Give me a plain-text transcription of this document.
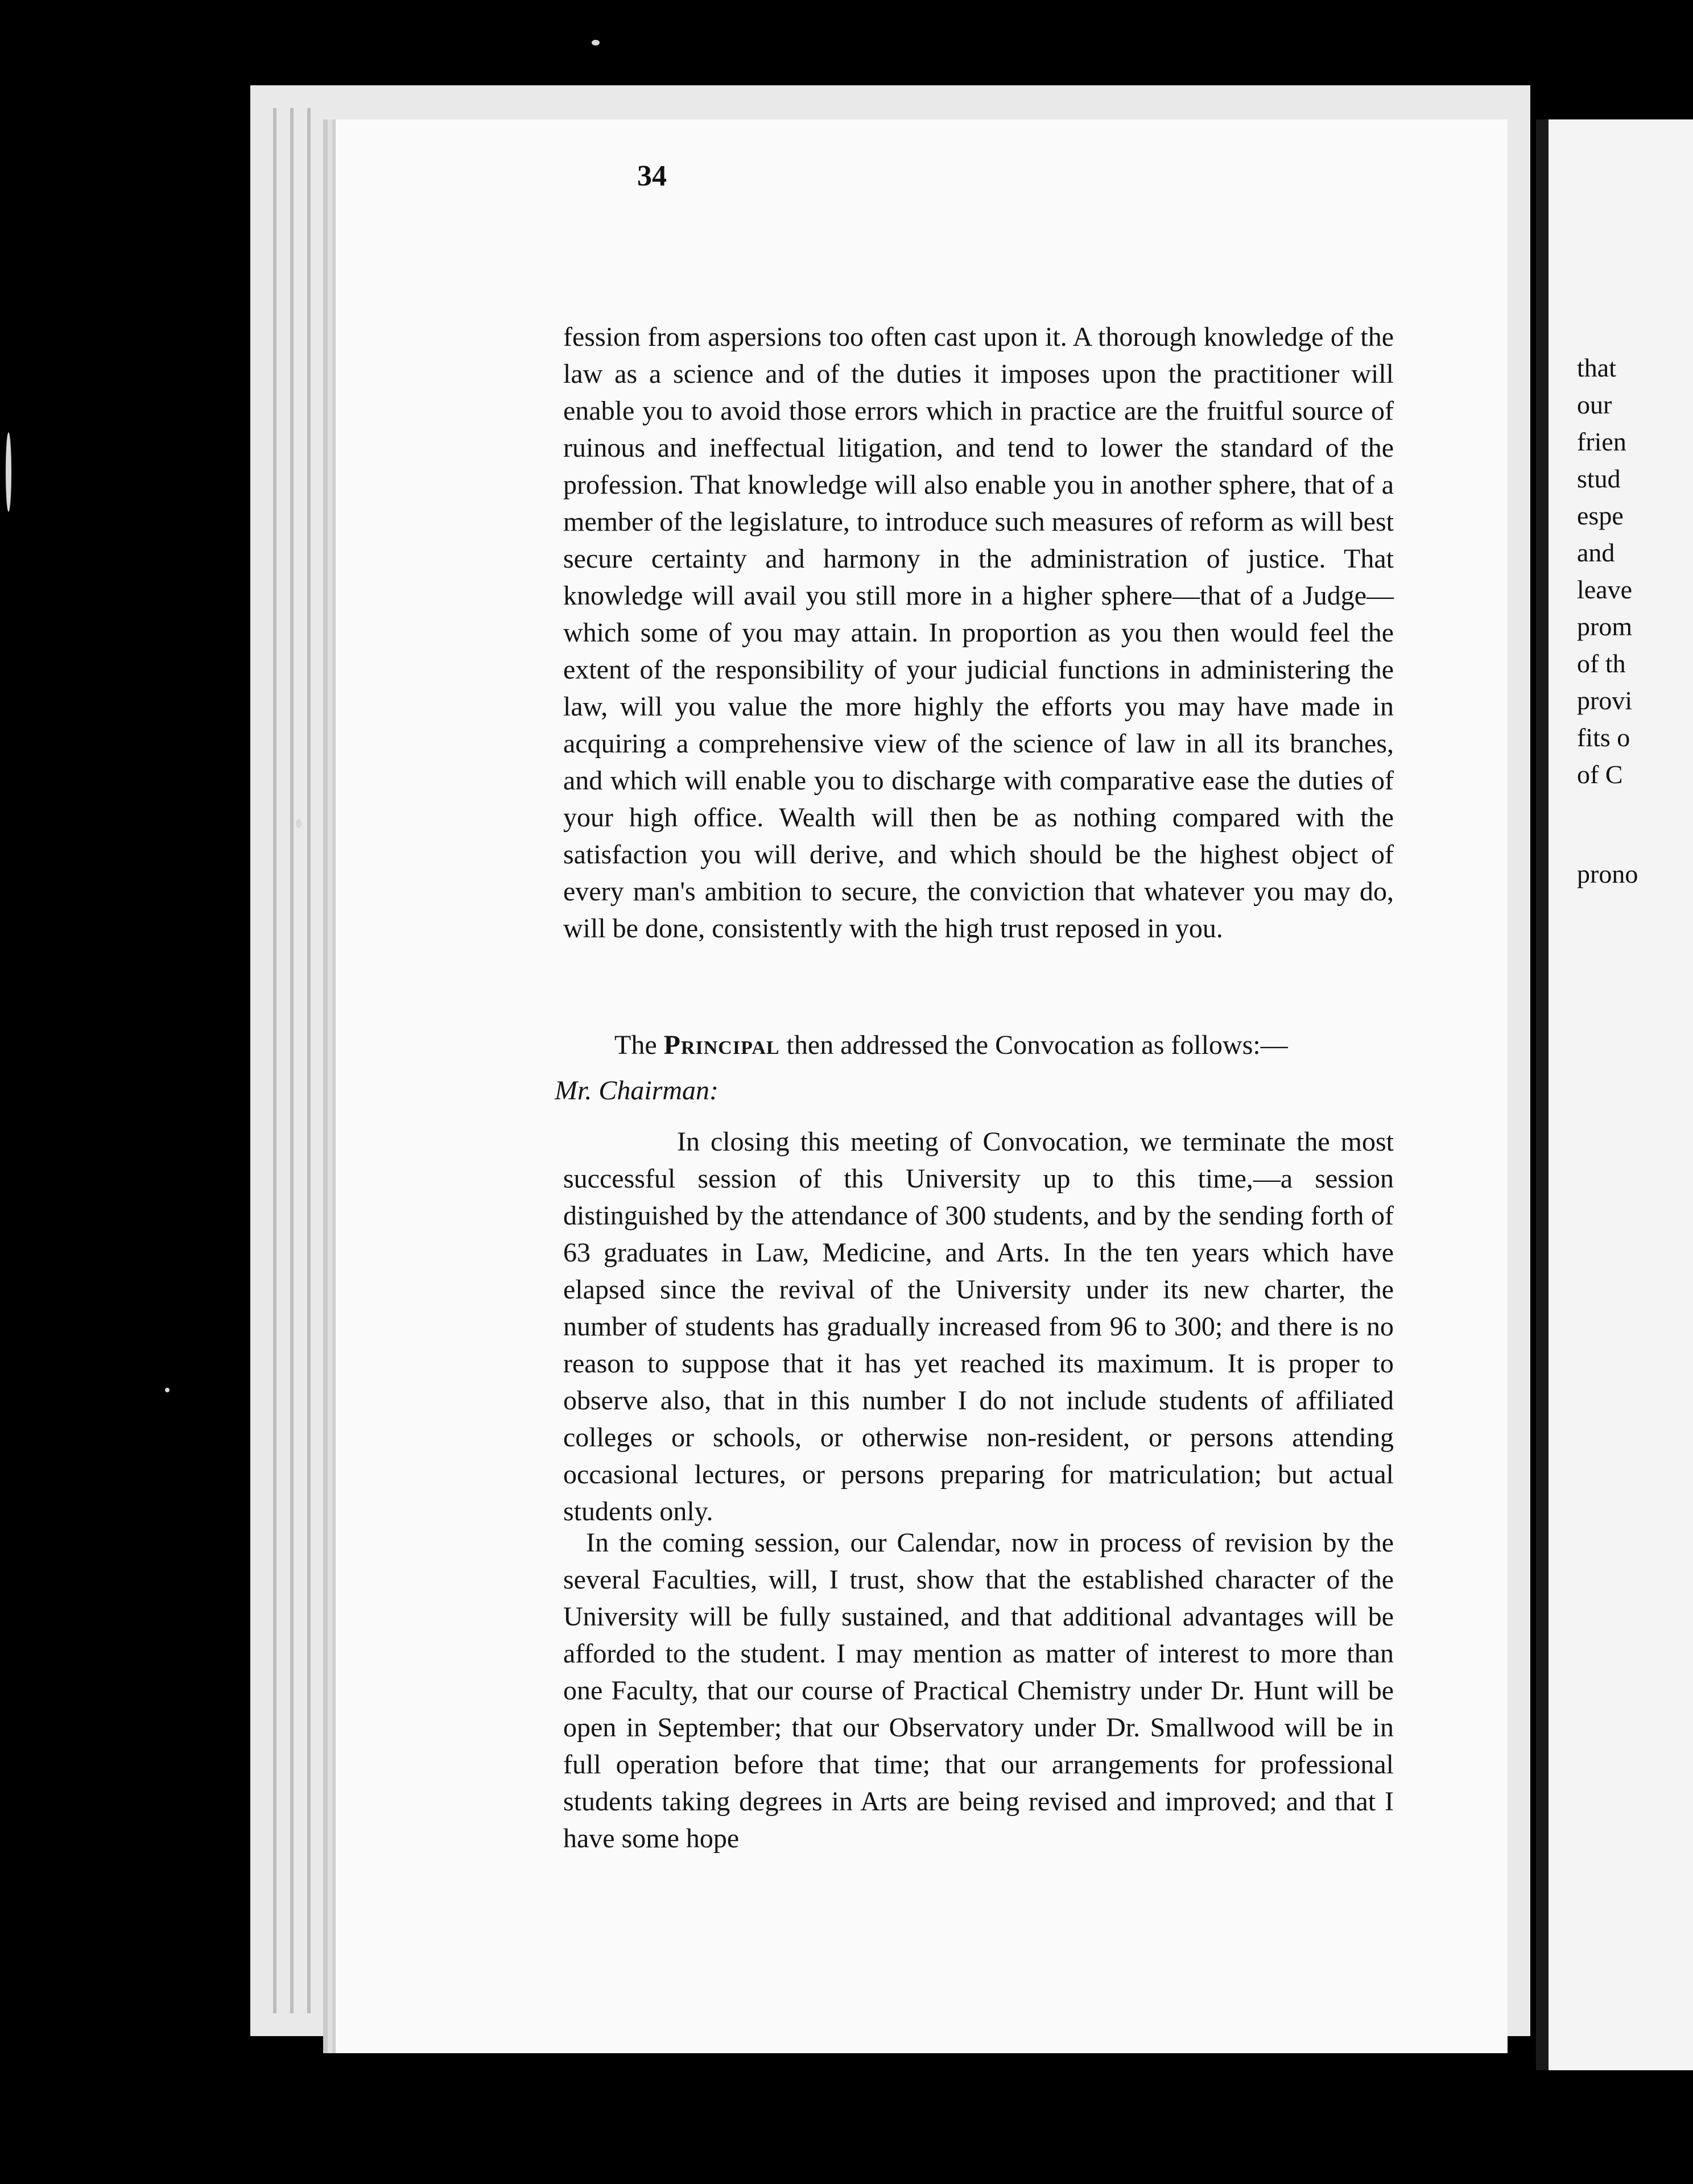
34

fession from aspersions too often cast upon it. A thorough knowledge of the law as a science and of the duties it imposes upon the practitioner will enable you to avoid those errors which in practice are the fruitful source of ruinous and ineffectual litigation, and tend to lower the standard of the profession. That knowledge will also enable you in another sphere, that of a member of the legislature, to introduce such measures of reform as will best secure certainty and harmony in the administration of justice. That knowledge will avail you still more in a higher sphere—that of a Judge—which some of you may attain. In proportion as you then would feel the extent of the responsibility of your judicial functions in administering the law, will you value the more highly the efforts you may have made in acquiring a comprehensive view of the science of law in all its branches, and which will enable you to discharge with comparative ease the duties of your high office. Wealth will then be as nothing compared with the satisfaction you will derive, and which should be the highest object of every man's ambition to secure, the conviction that whatever you may do, will be done, consistently with the high trust reposed in you.

The Principal then addressed the Convocation as follows:—
Mr. Chairman:

In closing this meeting of Convocation, we terminate the most successful session of this University up to this time,—a session distinguished by the attendance of 300 students, and by the sending forth of 63 graduates in Law, Medicine, and Arts. In the ten years which have elapsed since the revival of the University under its new charter, the number of students has gradually increased from 96 to 300; and there is no reason to suppose that it has yet reached its maximum. It is proper to observe also, that in this number I do not include students of affiliated colleges or schools, or otherwise non-resident, or persons attending occasional lectures, or persons preparing for matriculation; but actual students only.

In the coming session, our Calendar, now in process of revision by the several Faculties, will, I trust, show that the established character of the University will be fully sustained, and that additional advantages will be afforded to the student. I may mention as matter of interest to more than one Faculty, that our course of Practical Chemistry under Dr. Hunt will be open in September; that our Observatory under Dr. Smallwood will be in full operation before that time; that our arrangements for professional students taking degrees in Arts are being revised and improved; and that I have some hope

that
our
frien
stud
espe
and
leave
prom
of th
provi
fits o
of C
prono
